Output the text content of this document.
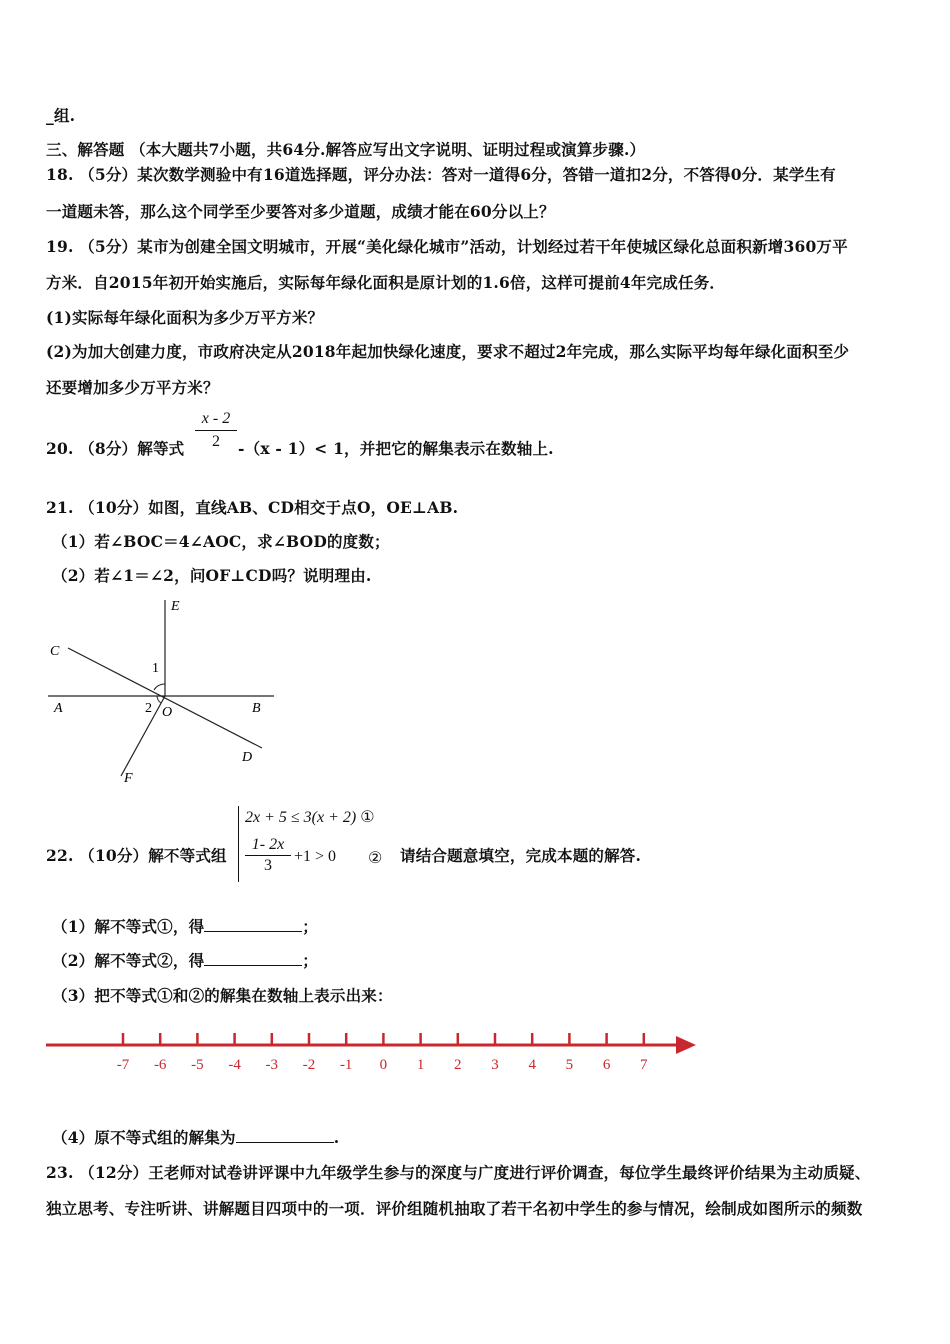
_组.
三、解答题 （本大题共7小题，共64分.解答应写出文字说明、证明过程或演算步骤.）
18. （5分）某次数学测验中有16道选择题，评分办法：答对一道得6分，答错一道扣2分，不答得0分．某学生有
一道题未答，那么这个同学至少要答对多少道题，成绩才能在60分以上？
19. （5分）某市为创建全国文明城市，开展“美化绿化城市”活动，计划经过若干年使城区绿化总面积新增360万平
方米．自2015年初开始实施后，实际每年绿化面积是原计划的1.6倍，这样可提前4年完成任务．
(1)实际每年绿化面积为多少万平方米？
(2)为加大创建力度，市政府决定从2018年起加快绿化速度，要求不超过2年完成，那么实际平均每年绿化面积至少
还要增加多少万平方米？
20. （8分）解等式
x - 2
2	-（x - 1）< 1，并把它的解集表示在数轴上.
21. （10分）如图，直线AB、CD相交于点O，OE⊥AB.
（1）若∠BOC＝4∠AOC，求∠BOD的度数；
（2）若∠1＝∠2，问OF⊥CD吗？说明理由.
E
C
1
A	2 O	B
D
F
22. （10分）解不等式组
2x + 5 ≤ 3(x + 2) ①
1- 2x
3
+1 > 0 ② 请结合题意填空，完成本题的解答.
（1）解不等式①，得	；
（2）解不等式②，得	；
（3）把不等式①和②的解集在数轴上表示出来：
-7 -6 -5 -4 -3 -2 -1 0 1 2 3 4 5 6 7
（4）原不等式组的解集为	.
23. （12分）王老师对试卷讲评课中九年级学生参与的深度与广度进行评价调查，每位学生最终评价结果为主动质疑、
独立思考、专注听讲、讲解题目四项中的一项．评价组随机抽取了若干名初中学生的参与情况，绘制成如图所示的频数
